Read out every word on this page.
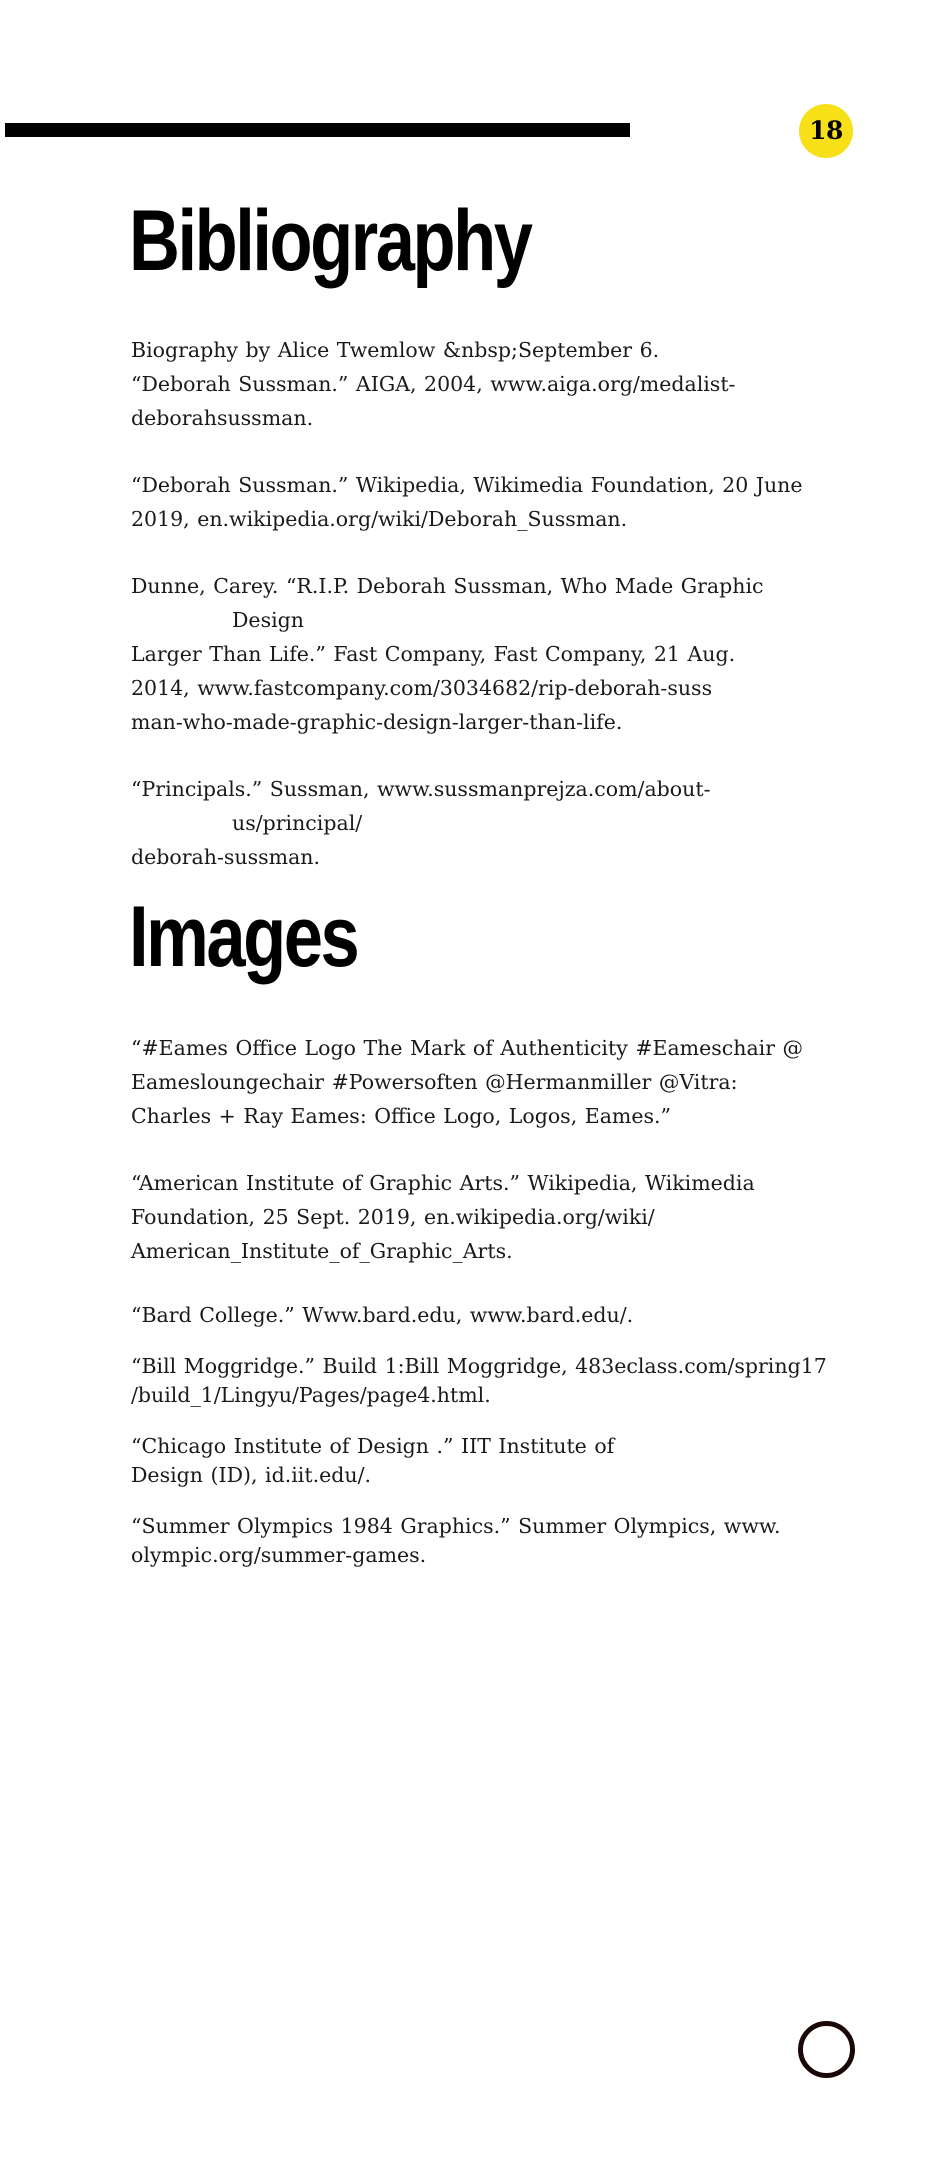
18
Bibliography
Biography by Alice Twemlow &nbsp;September 6.
“Deborah Sussman.” AIGA, 2004, www.aiga.org/medalist-
deborahsussman.
“Deborah Sussman.” Wikipedia, Wikimedia Foundation, 20 June
2019, en.wikipedia.org/wiki/Deborah_Sussman.
Dunne, Carey. “R.I.P. Deborah Sussman, Who Made Graphic Design
Larger Than Life.” Fast Company, Fast Company, 21 Aug.
2014, www.fastcompany.com/3034682/rip-deborah-suss
man-who-made-graphic-design-larger-than-life.
“Principals.” Sussman, www.sussmanprejza.com/about-us/principal/
deborah-sussman.
Images
“#Eames Office Logo The Mark of Authenticity #Eameschair @
Eamesloungechair #Powersoften @Hermanmiller @Vitra:
Charles + Ray Eames: Office Logo, Logos, Eames.”
“American Institute of Graphic Arts.” Wikipedia, Wikimedia
Foundation, 25 Sept. 2019, en.wikipedia.org/wiki/
American_Institute_of_Graphic_Arts.
“Bard College.” Www.bard.edu, www.bard.edu/.
“Bill Moggridge.” Build 1:Bill Moggridge, 483eclass.com/spring17
/build_1/Lingyu/Pages/page4.html.
“Chicago Institute of Design .” IIT Institute of
Design (ID), id.iit.edu/.
“Summer Olympics 1984 Graphics.” Summer Olympics, www.
olympic.org/summer-games.
